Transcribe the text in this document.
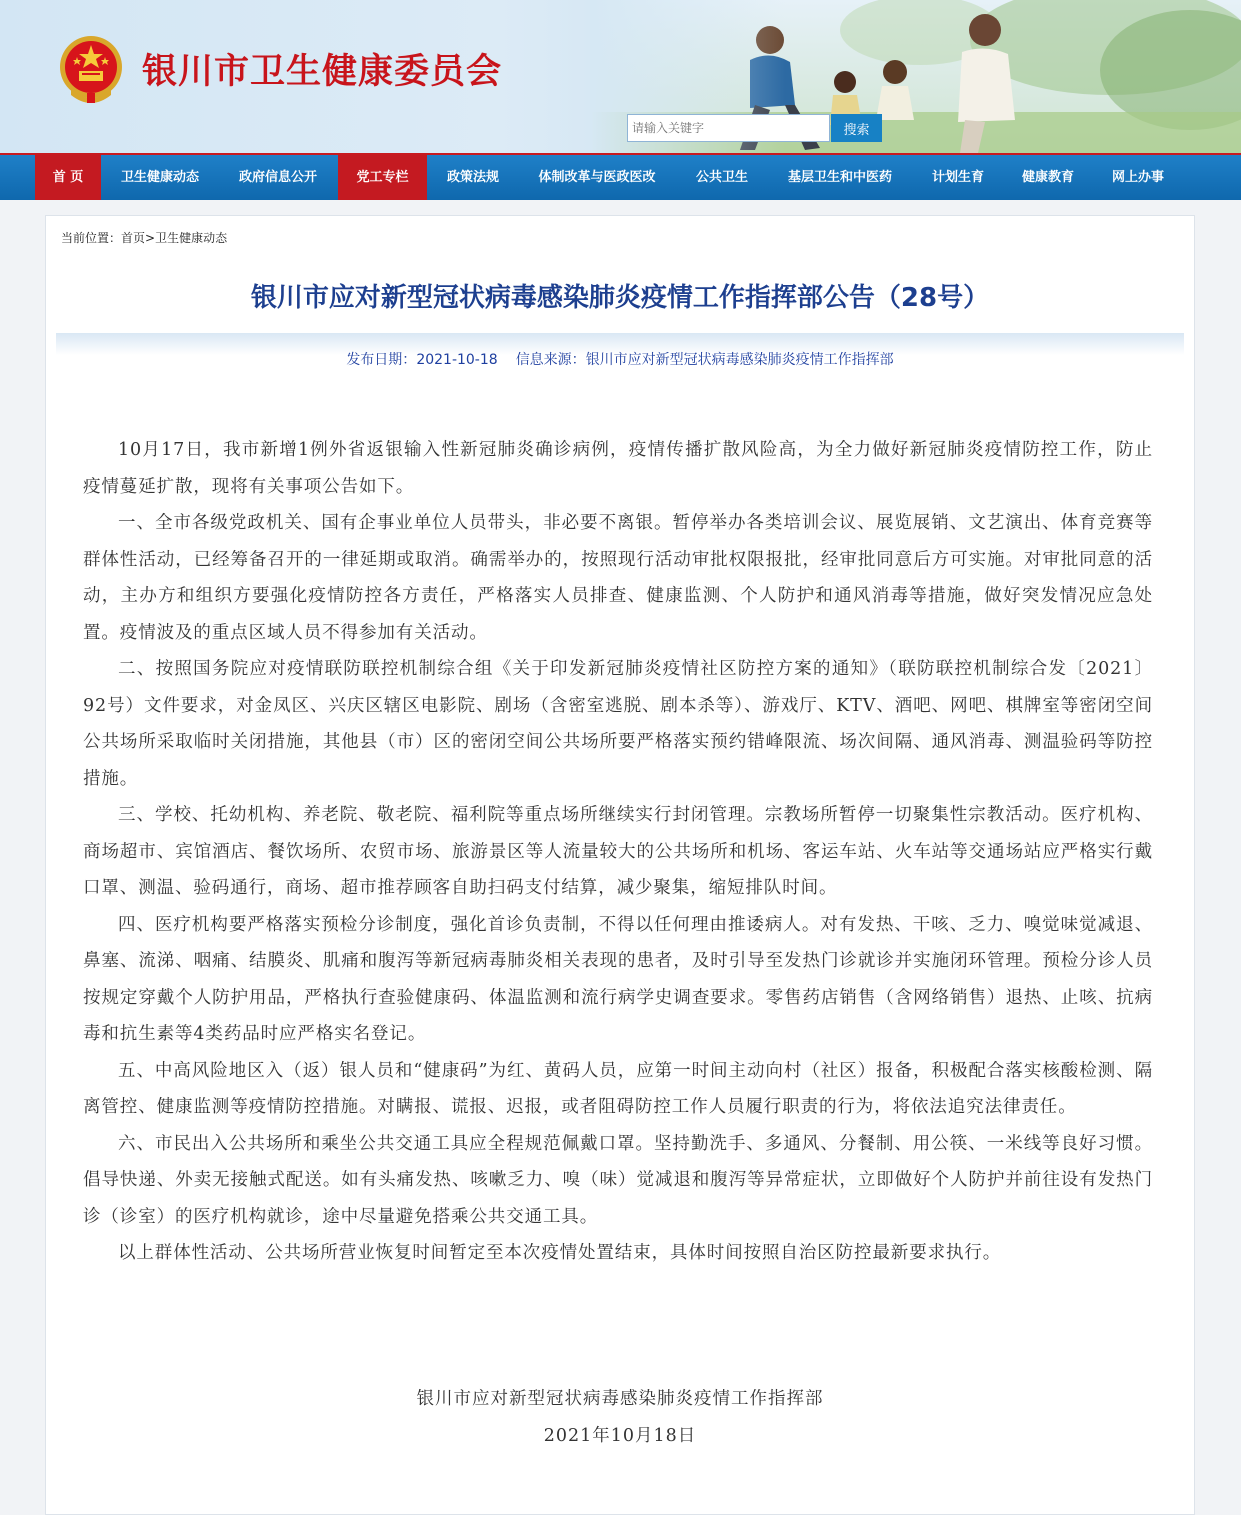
银川市卫生健康委员会
请输入关键字
搜索
首 页	卫生健康动态	政府信息公开	党工专栏	政策法规	体制改革与医政医改	公共卫生	基层卫生和中医药	计划生育	健康教育	网上办事
当前位置：首页>卫生健康动态
银川市应对新型冠状病毒感染肺炎疫情工作指挥部公告（28号）
发布日期：2021-10-18 信息来源：银川市应对新型冠状病毒感染肺炎疫情工作指挥部

10月17日，我市新增1例外省返银输入性新冠肺炎确诊病例，疫情传播扩散风险高，为全力做好新冠肺炎疫情防控工作，防止疫情蔓延扩散，现将有关事项公告如下。

一、全市各级党政机关、国有企事业单位人员带头，非必要不离银。暂停举办各类培训会议、展览展销、文艺演出、体育竞赛等群体性活动，已经筹备召开的一律延期或取消。确需举办的，按照现行活动审批权限报批，经审批同意后方可实施。对审批同意的活动，主办方和组织方要强化疫情防控各方责任，严格落实人员排查、健康监测、个人防护和通风消毒等措施，做好突发情况应急处置。疫情波及的重点区域人员不得参加有关活动。

二、按照国务院应对疫情联防联控机制综合组《关于印发新冠肺炎疫情社区防控方案的通知》（联防联控机制综合发〔2021〕92号）文件要求，对金凤区、兴庆区辖区电影院、剧场（含密室逃脱、剧本杀等）、游戏厅、KTV、酒吧、网吧、棋牌室等密闭空间公共场所采取临时关闭措施，其他县（市）区的密闭空间公共场所要严格落实预约错峰限流、场次间隔、通风消毒、测温验码等防控措施。

三、学校、托幼机构、养老院、敬老院、福利院等重点场所继续实行封闭管理。宗教场所暂停一切聚集性宗教活动。医疗机构、商场超市、宾馆酒店、餐饮场所、农贸市场、旅游景区等人流量较大的公共场所和机场、客运车站、火车站等交通场站应严格实行戴口罩、测温、验码通行，商场、超市推荐顾客自助扫码支付结算，减少聚集，缩短排队时间。

四、医疗机构要严格落实预检分诊制度，强化首诊负责制，不得以任何理由推诿病人。对有发热、干咳、乏力、嗅觉味觉减退、鼻塞、流涕、咽痛、结膜炎、肌痛和腹泻等新冠病毒肺炎相关表现的患者，及时引导至发热门诊就诊并实施闭环管理。预检分诊人员按规定穿戴个人防护用品，严格执行查验健康码、体温监测和流行病学史调查要求。零售药店销售（含网络销售）退热、止咳、抗病毒和抗生素等4类药品时应严格实名登记。

五、中高风险地区入（返）银人员和“健康码”为红、黄码人员，应第一时间主动向村（社区）报备，积极配合落实核酸检测、隔离管控、健康监测等疫情防控措施。对瞒报、谎报、迟报，或者阻碍防控工作人员履行职责的行为，将依法追究法律责任。

六、市民出入公共场所和乘坐公共交通工具应全程规范佩戴口罩。坚持勤洗手、多通风、分餐制、用公筷、一米线等良好习惯。倡导快递、外卖无接触式配送。如有头痛发热、咳嗽乏力、嗅（味）觉减退和腹泻等异常症状，立即做好个人防护并前往设有发热门诊（诊室）的医疗机构就诊，途中尽量避免搭乘公共交通工具。

以上群体性活动、公共场所营业恢复时间暂定至本次疫情处置结束，具体时间按照自治区防控最新要求执行。

银川市应对新型冠状病毒感染肺炎疫情工作指挥部
2021年10月18日
